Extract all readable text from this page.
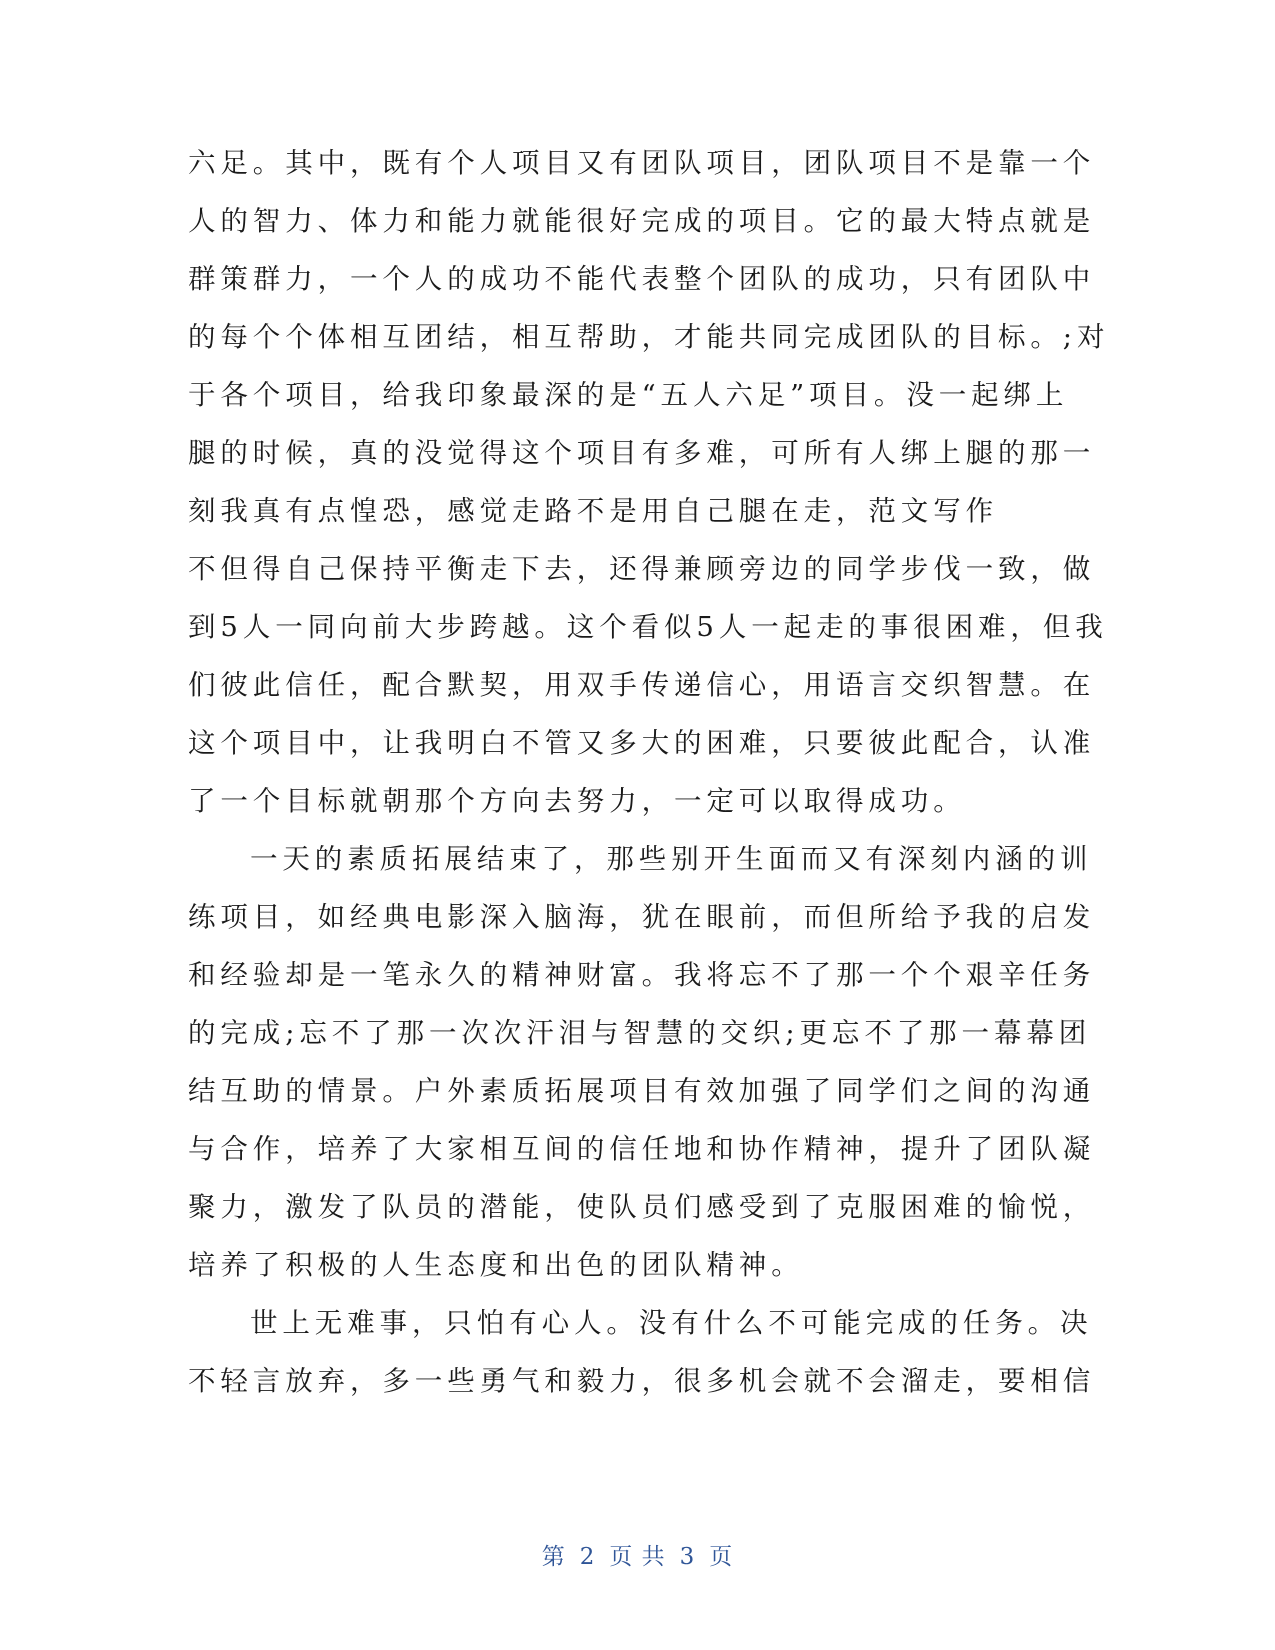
六足。其中，既有个人项目又有团队项目，团队项目不是靠一个
人的智力、体力和能力就能很好完成的项目。它的最大特点就是
群策群力，一个人的成功不能代表整个团队的成功，只有团队中
的每个个体相互团结，相互帮助，才能共同完成团队的目标。;对
于各个项目，给我印象最深的是“五人六足”项目。没一起绑上
腿的时候，真的没觉得这个项目有多难，可所有人绑上腿的那一
刻我真有点惶恐，感觉走路不是用自己腿在走，范文写作
不但得自己保持平衡走下去，还得兼顾旁边的同学步伐一致，做
到5人一同向前大步跨越。这个看似5人一起走的事很困难，但我
们彼此信任，配合默契，用双手传递信心，用语言交织智慧。在
这个项目中，让我明白不管又多大的困难，只要彼此配合，认准
了一个目标就朝那个方向去努力，一定可以取得成功。
一天的素质拓展结束了，那些别开生面而又有深刻内涵的训
练项目，如经典电影深入脑海，犹在眼前，而但所给予我的启发
和经验却是一笔永久的精神财富。我将忘不了那一个个艰辛任务
的完成;忘不了那一次次汗泪与智慧的交织;更忘不了那一幕幕团
结互助的情景。户外素质拓展项目有效加强了同学们之间的沟通
与合作，培养了大家相互间的信任地和协作精神，提升了团队凝
聚力，激发了队员的潜能，使队员们感受到了克服困难的愉悦，
培养了积极的人生态度和出色的团队精神。
世上无难事，只怕有心人。没有什么不可能完成的任务。决
不轻言放弃，多一些勇气和毅力，很多机会就不会溜走，要相信
第 2 页 共 3 页
